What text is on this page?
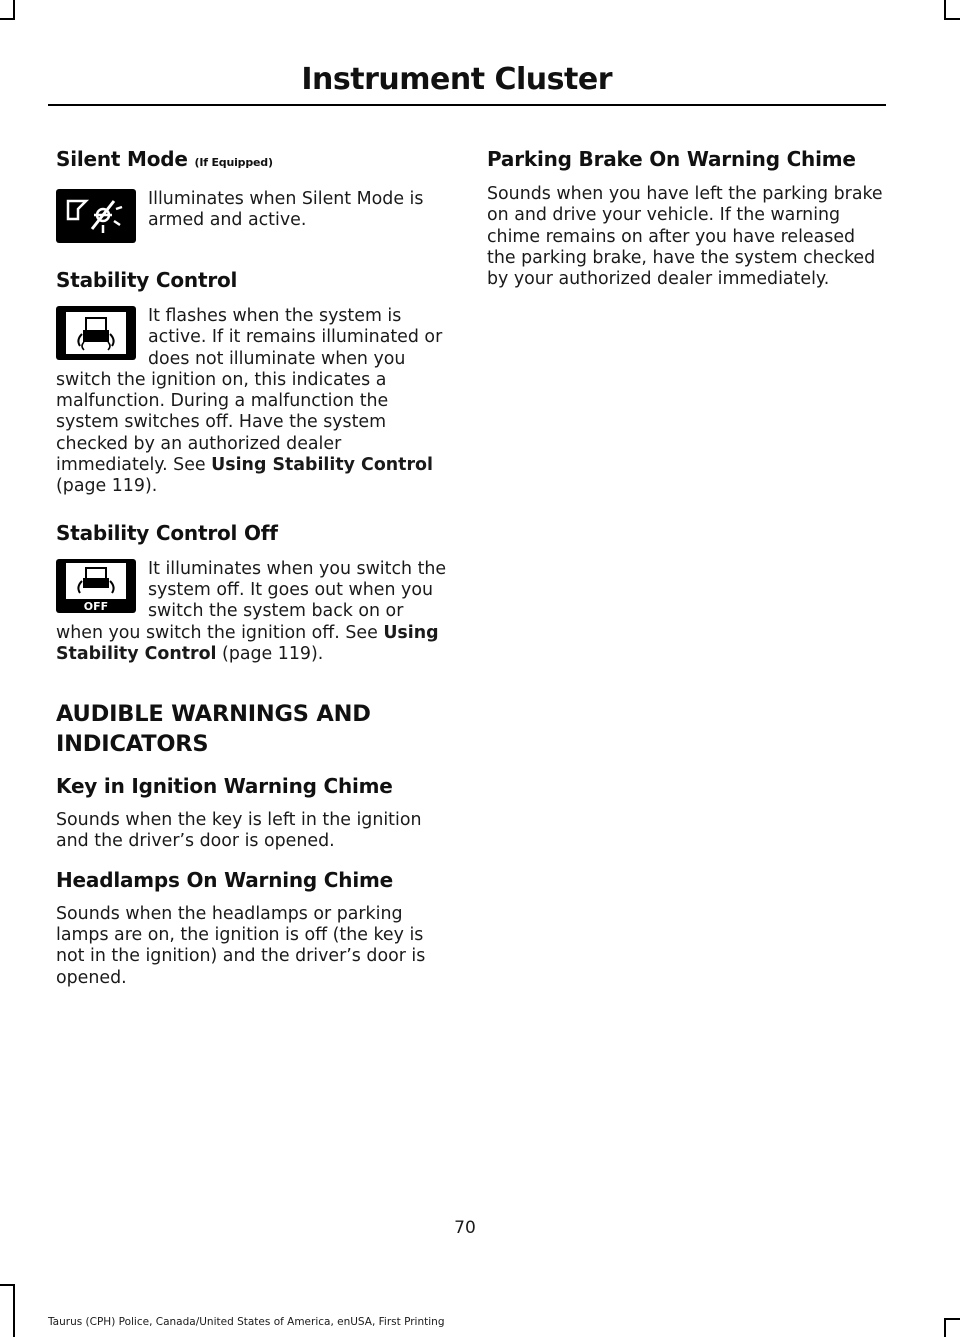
Instrument Cluster
Silent Mode (If Equipped)

Illuminates when Silent Mode is armed and active.

Stability Control

It flashes when the system is active. If it remains illuminated or does not illuminate when you switch the ignition on, this indicates a malfunction. During a malfunction the system switches off. Have the system checked by an authorized dealer immediately. See Using Stability Control (page 119).

Stability Control Off
OFF

It illuminates when you switch the system off. It goes out when you switch the system back on or when you switch the ignition off. See Using Stability Control (page 119).

AUDIBLE WARNINGS AND
INDICATORS
Key in Ignition Warning Chime

Sounds when the key is left in the ignition and the driver’s door is opened.

Headlamps On Warning Chime

Sounds when the headlamps or parking lamps are on, the ignition is off (the key is not in the ignition) and the driver’s door is opened.

Parking Brake On Warning Chime

Sounds when you have left the parking brake on and drive your vehicle. If the warning chime remains on after you have released the parking brake, have the system checked by your authorized dealer immediately.

70
Taurus (CPH) Police, Canada/United States of America, enUSA, First Printing
